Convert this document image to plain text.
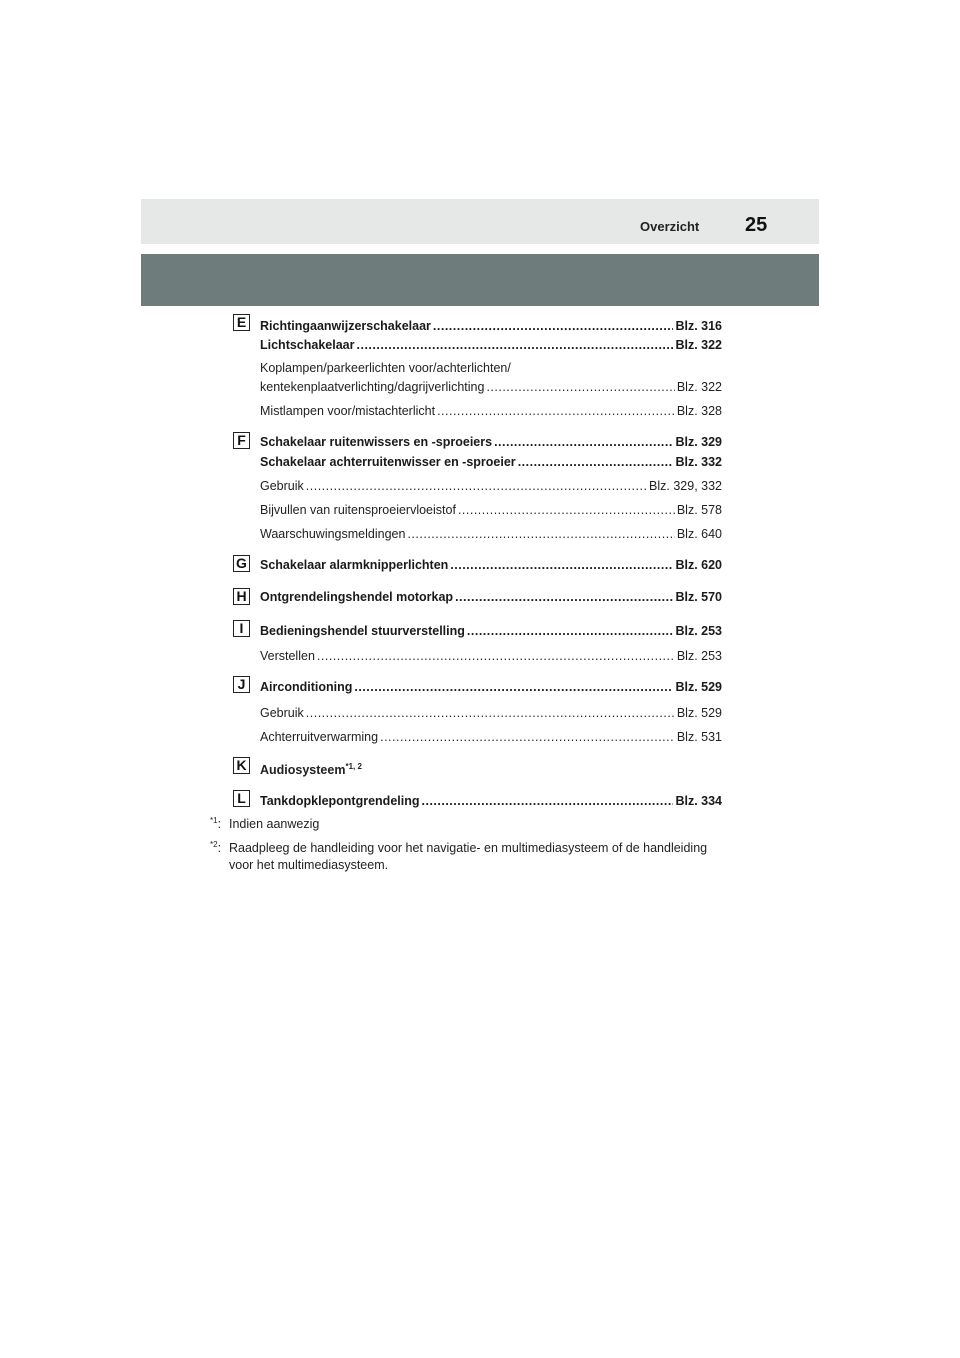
Overzicht 25
E	Richtingaanwijzerschakelaar .....	Blz. 316
Lichtschakelaar .....	Blz. 322
Koplampen/parkeerlichten voor/achterlichten/
kentekenplaatverlichting/dagrijverlichting .....	Blz. 322
Mistlampen voor/mistachterlicht .....	Blz. 328
F	Schakelaar ruitenwissers en -sproeiers .....	Blz. 329
Schakelaar achterruitenwisser en -sproeier .....	Blz. 332
Gebruik .....	Blz. 329, 332
Bijvullen van ruitensproeiervloeistof .....	Blz. 578
Waarschuwingsmeldingen .....	Blz. 640
G Schakelaar alarmknipperlichten .....	Blz. 620
H Ontgrendelingshendel motorkap .....	Blz. 570
I	Bedieningshendel stuurverstelling .....	Blz. 253
Verstellen .....	Blz. 253
J	Airconditioning .....	Blz. 529
Gebruik .....	Blz. 529
Achterruitverwarming .....	Blz. 531
K Audiosysteem$^{*1, 2}$
L	Tankdopklepontgrendeling .....	Blz. 334
$^{*1}$: Indien aanwezig
$^{*2}$: Raadpleeg de handleiding voor het navigatie- en multimediasysteem of de handleiding voor het multimediasysteem.
